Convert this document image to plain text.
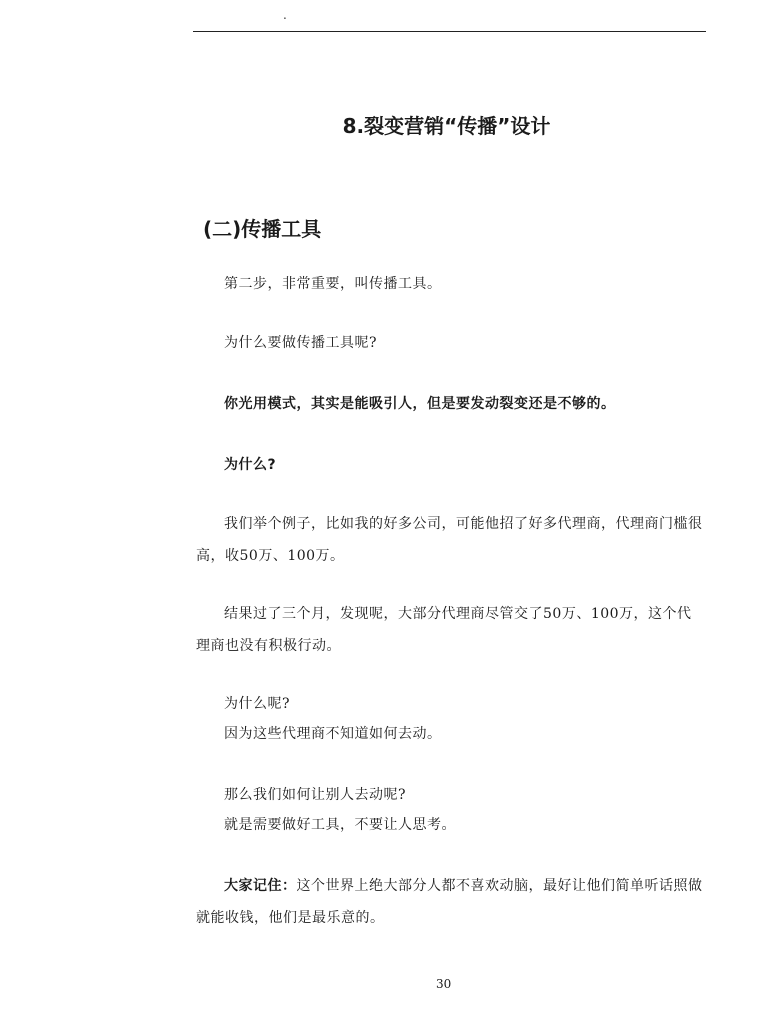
.
8.裂变营销“传播”设计
(二)传播工具

第二步，非常重要，叫传播工具。

为什么要做传播工具呢?

你光用模式，其实是能吸引人，但是要发动裂变还是不够的。

为什么?

我们举个例子，比如我的好多公司，可能他招了好多代理商，代理商门槛很高，收50万、100万。

结果过了三个月，发现呢，大部分代理商尽管交了50万、100万，这个代理商也没有积极行动。

为什么呢?

因为这些代理商不知道如何去动。

那么我们如何让别人去动呢?

就是需要做好工具，不要让人思考。

大家记住：这个世界上绝大部分人都不喜欢动脑，最好让他们简单听话照做就能收钱，他们是最乐意的。

30
